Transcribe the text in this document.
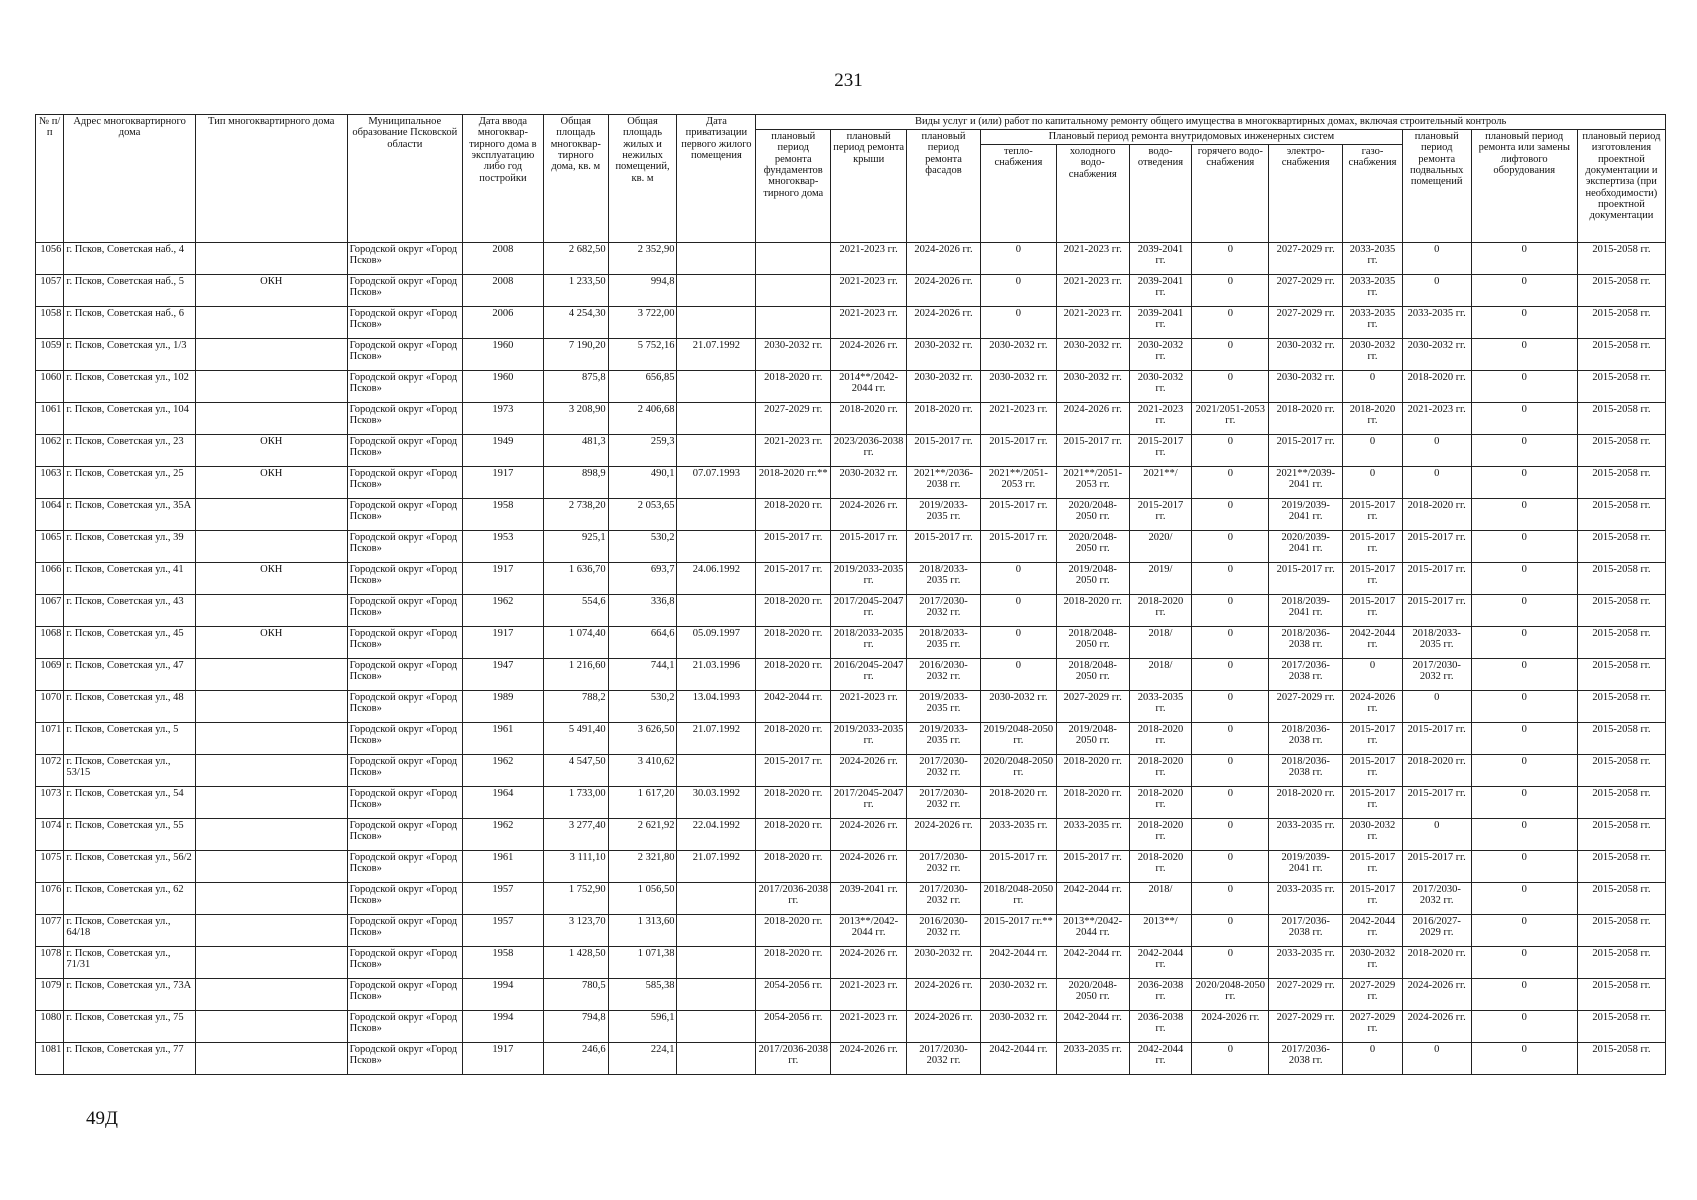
231
№ п/п	Адрес многоквартирного дома	Тип многоквартирного дома	Муниципальное образование Псковской области	Дата ввода многоквар-тирного дома в эксплуатацию либо год постройки	Общая площадь многоквар-тирного дома, кв. м	Общая площадь жилых и нежилых помещений, кв. м	Дата приватизации первого жилого помещения	Виды услуг и (или) работ по капитальному ремонту общего имущества в многоквартирных домах, включая строительный контроль											
								плановый период ремонта фундаментов многоквар-тирного дома	плановый период ремонта крыши	плановый период ремонта фасадов	Плановый период ремонта внутридомовых инженерных систем						плановый период ремонта подвальных помещений	плановый период ремонта или замены лифтового оборудования	плановый период изготовления проектной документации и экспертиза (при необходимости) проектной документации
											тепло-снабжения	холодного водо-снабжения	водо-отведения	горячего водо-снабжения	электро-снабжения	газо-снабжения			
1056	г. Псков, Советская наб., 4		Городской округ «Город Псков»	2008	2 682,50	2 352,90			2021-2023 гг.	2024-2026 гг.	0	2021-2023 гг.	2039-2041 гг.	0	2027-2029 гг.	2033-2035 гг.	0	0	2015-2058 гг.
1057	г. Псков, Советская наб., 5	ОКН	Городской округ «Город Псков»	2008	1 233,50	994,8			2021-2023 гг.	2024-2026 гг.	0	2021-2023 гг.	2039-2041 гг.	0	2027-2029 гг.	2033-2035 гг.	0	0	2015-2058 гг.
1058	г. Псков, Советская наб., 6		Городской округ «Город Псков»	2006	4 254,30	3 722,00			2021-2023 гг.	2024-2026 гг.	0	2021-2023 гг.	2039-2041 гг.	0	2027-2029 гг.	2033-2035 гг.	2033-2035 гг.	0	2015-2058 гг.
1059	г. Псков, Советская ул., 1/3		Городской округ «Город Псков»	1960	7 190,20	5 752,16	21.07.1992	2030-2032 гг.	2024-2026 гг.	2030-2032 гг.	2030-2032 гг.	2030-2032 гг.	2030-2032 гг.	0	2030-2032 гг.	2030-2032 гг.	2030-2032 гг.	0	2015-2058 гг.
1060	г. Псков, Советская ул., 102		Городской округ «Город Псков»	1960	875,8	656,85		2018-2020 гг.	2014**/2042-2044 гг.	2030-2032 гг.	2030-2032 гг.	2030-2032 гг.	2030-2032 гг.	0	2030-2032 гг.	0	2018-2020 гг.	0	2015-2058 гг.
1061	г. Псков, Советская ул., 104		Городской округ «Город Псков»	1973	3 208,90	2 406,68		2027-2029 гг.	2018-2020 гг.	2018-2020 гг.	2021-2023 гг.	2024-2026 гг.	2021-2023 гг.	2021/2051-2053 гг.	2018-2020 гг.	2018-2020 гг.	2021-2023 гг.	0	2015-2058 гг.
1062	г. Псков, Советская ул., 23	ОКН	Городской округ «Город Псков»	1949	481,3	259,3		2021-2023 гг.	2023/2036-2038 гг.	2015-2017 гг.	2015-2017 гг.	2015-2017 гг.	2015-2017 гг.	0	2015-2017 гг.	0	0	0	2015-2058 гг.
1063	г. Псков, Советская ул., 25	ОКН	Городской округ «Город Псков»	1917	898,9	490,1	07.07.1993	2018-2020 гг.**	2030-2032 гг.	2021**/2036-2038 гг.	2021**/2051-2053 гг.	2021**/2051-2053 гг.	2021**/	0	2021**/2039-2041 гг.	0	0	0	2015-2058 гг.
1064	г. Псков, Советская ул., 35А		Городской округ «Город Псков»	1958	2 738,20	2 053,65		2018-2020 гг.	2024-2026 гг.	2019/2033-2035 гг.	2015-2017 гг.	2020/2048-2050 гг.	2015-2017 гг.	0	2019/2039-2041 гг.	2015-2017 гг.	2018-2020 гг.	0	2015-2058 гг.
1065	г. Псков, Советская ул., 39		Городской округ «Город Псков»	1953	925,1	530,2		2015-2017 гг.	2015-2017 гг.	2015-2017 гг.	2015-2017 гг.	2020/2048-2050 гг.	2020/	0	2020/2039-2041 гг.	2015-2017 гг.	2015-2017 гг.	0	2015-2058 гг.
1066	г. Псков, Советская ул., 41	ОКН	Городской округ «Город Псков»	1917	1 636,70	693,7	24.06.1992	2015-2017 гг.	2019/2033-2035 гг.	2018/2033-2035 гг.	0	2019/2048-2050 гг.	2019/	0	2015-2017 гг.	2015-2017 гг.	2015-2017 гг.	0	2015-2058 гг.
1067	г. Псков, Советская ул., 43		Городской округ «Город Псков»	1962	554,6	336,8		2018-2020 гг.	2017/2045-2047 гг.	2017/2030-2032 гг.	0	2018-2020 гг.	2018-2020 гг.	0	2018/2039-2041 гг.	2015-2017 гг.	2015-2017 гг.	0	2015-2058 гг.
1068	г. Псков, Советская ул., 45	ОКН	Городской округ «Город Псков»	1917	1 074,40	664,6	05.09.1997	2018-2020 гг.	2018/2033-2035 гг.	2018/2033-2035 гг.	0	2018/2048-2050 гг.	2018/	0	2018/2036-2038 гг.	2042-2044 гг.	2018/2033-2035 гг.	0	2015-2058 гг.
1069	г. Псков, Советская ул., 47		Городской округ «Город Псков»	1947	1 216,60	744,1	21.03.1996	2018-2020 гг.	2016/2045-2047 гг.	2016/2030-2032 гг.	0	2018/2048-2050 гг.	2018/	0	2017/2036-2038 гг.	0	2017/2030-2032 гг.	0	2015-2058 гг.
1070	г. Псков, Советская ул., 48		Городской округ «Город Псков»	1989	788,2	530,2	13.04.1993	2042-2044 гг.	2021-2023 гг.	2019/2033-2035 гг.	2030-2032 гг.	2027-2029 гг.	2033-2035 гг.	0	2027-2029 гг.	2024-2026 гг.	0	0	2015-2058 гг.
1071	г. Псков, Советская ул., 5		Городской округ «Город Псков»	1961	5 491,40	3 626,50	21.07.1992	2018-2020 гг.	2019/2033-2035 гг.	2019/2033-2035 гг.	2019/2048-2050 гг.	2019/2048-2050 гг.	2018-2020 гг.	0	2018/2036-2038 гг.	2015-2017 гг.	2015-2017 гг.	0	2015-2058 гг.
1072	г. Псков, Советская ул., 53/15		Городской округ «Город Псков»	1962	4 547,50	3 410,62		2015-2017 гг.	2024-2026 гг.	2017/2030-2032 гг.	2020/2048-2050 гг.	2018-2020 гг.	2018-2020 гг.	0	2018/2036-2038 гг.	2015-2017 гг.	2018-2020 гг.	0	2015-2058 гг.
1073	г. Псков, Советская ул., 54		Городской округ «Город Псков»	1964	1 733,00	1 617,20	30.03.1992	2018-2020 гг.	2017/2045-2047 гг.	2017/2030-2032 гг.	2018-2020 гг.	2018-2020 гг.	2018-2020 гг.	0	2018-2020 гг.	2015-2017 гг.	2015-2017 гг.	0	2015-2058 гг.
1074	г. Псков, Советская ул., 55		Городской округ «Город Псков»	1962	3 277,40	2 621,92	22.04.1992	2018-2020 гг.	2024-2026 гг.	2024-2026 гг.	2033-2035 гг.	2033-2035 гг.	2018-2020 гг.	0	2033-2035 гг.	2030-2032 гг.	0	0	2015-2058 гг.
1075	г. Псков, Советская ул., 56/2		Городской округ «Город Псков»	1961	3 111,10	2 321,80	21.07.1992	2018-2020 гг.	2024-2026 гг.	2017/2030-2032 гг.	2015-2017 гг.	2015-2017 гг.	2018-2020 гг.	0	2019/2039-2041 гг.	2015-2017 гг.	2015-2017 гг.	0	2015-2058 гг.
1076	г. Псков, Советская ул., 62		Городской округ «Город Псков»	1957	1 752,90	1 056,50		2017/2036-2038 гг.	2039-2041 гг.	2017/2030-2032 гг.	2018/2048-2050 гг.	2042-2044 гг.	2018/	0	2033-2035 гг.	2015-2017 гг.	2017/2030-2032 гг.	0	2015-2058 гг.
1077	г. Псков, Советская ул., 64/18		Городской округ «Город Псков»	1957	3 123,70	1 313,60		2018-2020 гг.	2013**/2042-2044 гг.	2016/2030-2032 гг.	2015-2017 гг.**	2013**/2042-2044 гг.	2013**/	0	2017/2036-2038 гг.	2042-2044 гг.	2016/2027-2029 гг.	0	2015-2058 гг.
1078	г. Псков, Советская ул., 71/31		Городской округ «Город Псков»	1958	1 428,50	1 071,38		2018-2020 гг.	2024-2026 гг.	2030-2032 гг.	2042-2044 гг.	2042-2044 гг.	2042-2044 гг.	0	2033-2035 гг.	2030-2032 гг.	2018-2020 гг.	0	2015-2058 гг.
1079	г. Псков, Советская ул., 73А		Городской округ «Город Псков»	1994	780,5	585,38		2054-2056 гг.	2021-2023 гг.	2024-2026 гг.	2030-2032 гг.	2020/2048-2050 гг.	2036-2038 гг.	2020/2048-2050 гг.	2027-2029 гг.	2027-2029 гг.	2024-2026 гг.	0	2015-2058 гг.
1080	г. Псков, Советская ул., 75		Городской округ «Город Псков»	1994	794,8	596,1		2054-2056 гг.	2021-2023 гг.	2024-2026 гг.	2030-2032 гг.	2042-2044 гг.	2036-2038 гг.	2024-2026 гг.	2027-2029 гг.	2027-2029 гг.	2024-2026 гг.	0	2015-2058 гг.
1081	г. Псков, Советская ул., 77		Городской округ «Город Псков»	1917	246,6	224,1		2017/2036-2038 гг.	2024-2026 гг.	2017/2030-2032 гг.	2042-2044 гг.	2033-2035 гг.	2042-2044 гг.	0	2017/2036-2038 гг.	0	0	0	2015-2058 гг.
49Д
